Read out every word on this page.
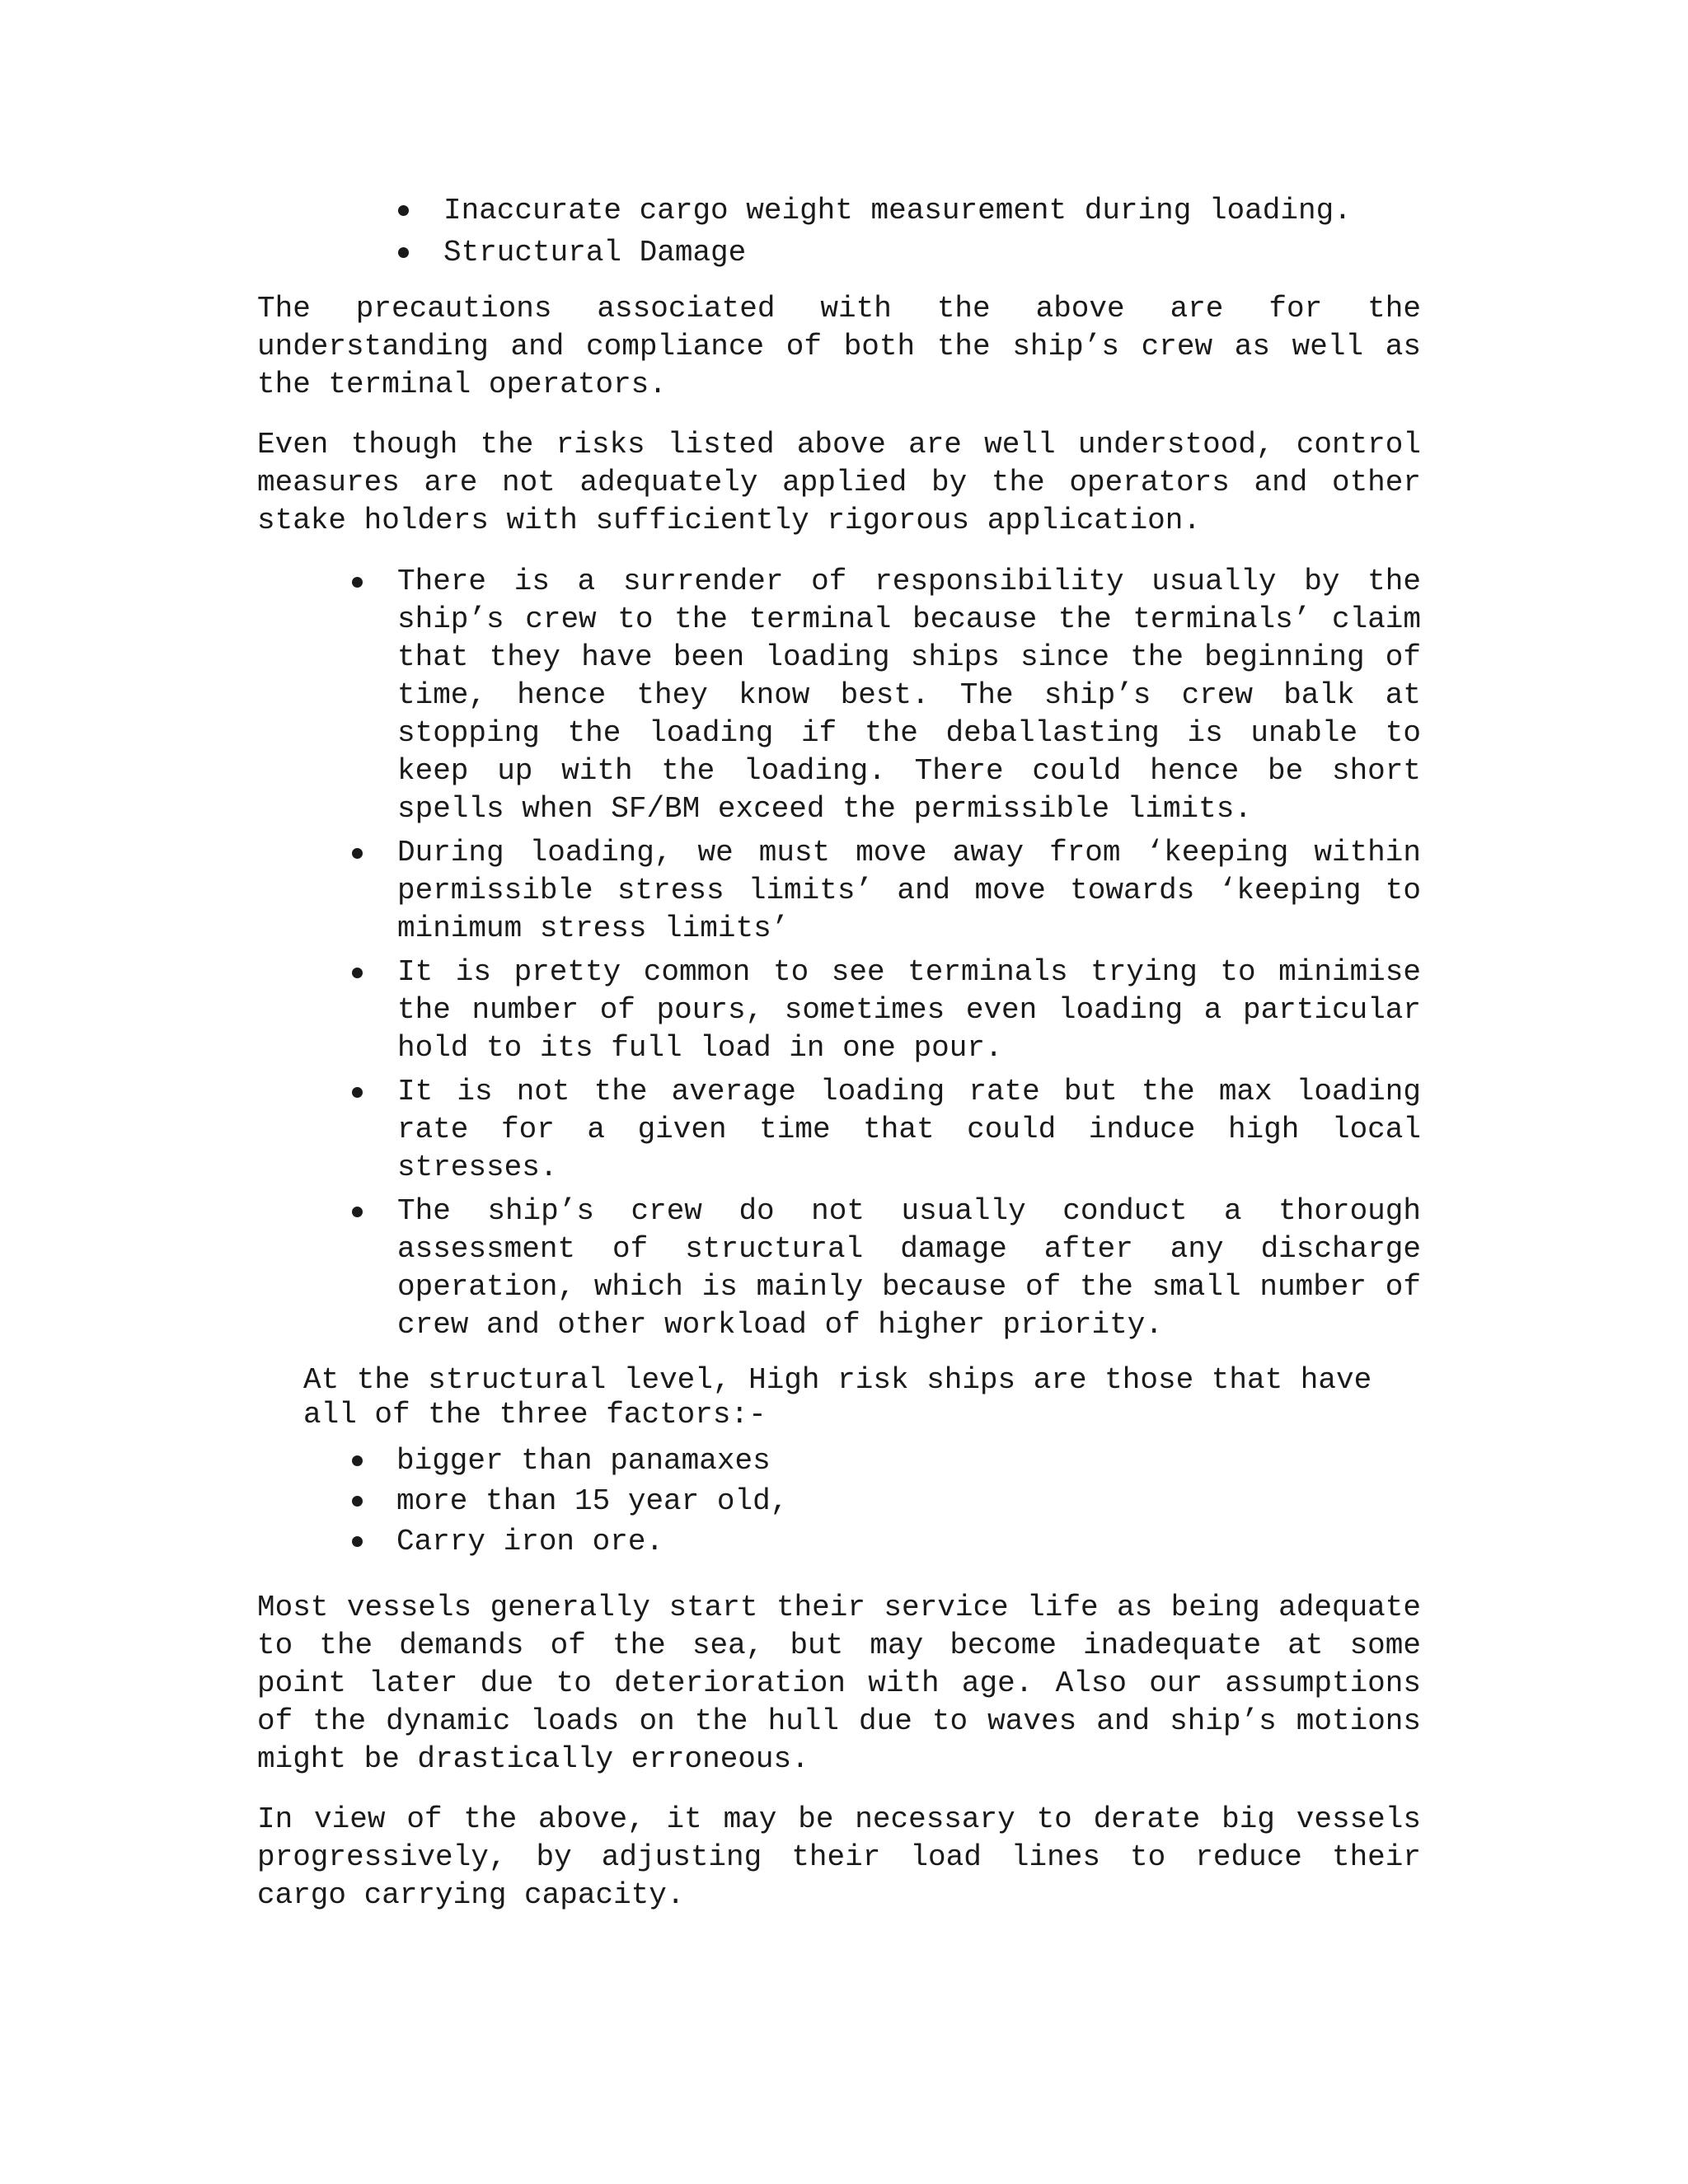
Inaccurate cargo weight measurement during loading.
Structural Damage

The precautions associated with the above are for the understanding and compliance of both the ship’s crew as well as the terminal operators.

Even though the risks listed above are well understood, control measures are not adequately applied by the operators and other stake holders with sufficiently rigorous application.

There is a surrender of responsibility usually by the ship’s crew to the terminal because the terminals’ claim that they have been loading ships since the beginning of time, hence they know best. The ship’s crew balk at stopping the loading if the deballasting is unable to keep up with the loading. There could hence be short spells when SF/BM exceed the permissible limits.
During loading, we must move away from ‘keeping within permissible stress limits’ and move towards ‘keeping to minimum stress limits’
It is pretty common to see terminals trying to minimise the number of pours, sometimes even loading a particular hold to its full load in one pour.
It is not the average loading rate but the max loading rate for a given time that could induce high local stresses.
The ship’s crew do not usually conduct a thorough assessment of structural damage after any discharge operation, which is mainly because of the small number of crew and other workload of higher priority.

At the structural level, High risk ships are those that have all of the three factors:-

bigger than panamaxes
more than 15 year old,
Carry iron ore.

Most vessels generally start their service life as being adequate to the demands of the sea, but may become inadequate at some point later due to deterioration with age. Also our assumptions of the dynamic loads on the hull due to waves and ship’s motions might be drastically erroneous.

In view of the above, it may be necessary to derate big vessels progressively, by adjusting their load lines to reduce their cargo carrying capacity.
